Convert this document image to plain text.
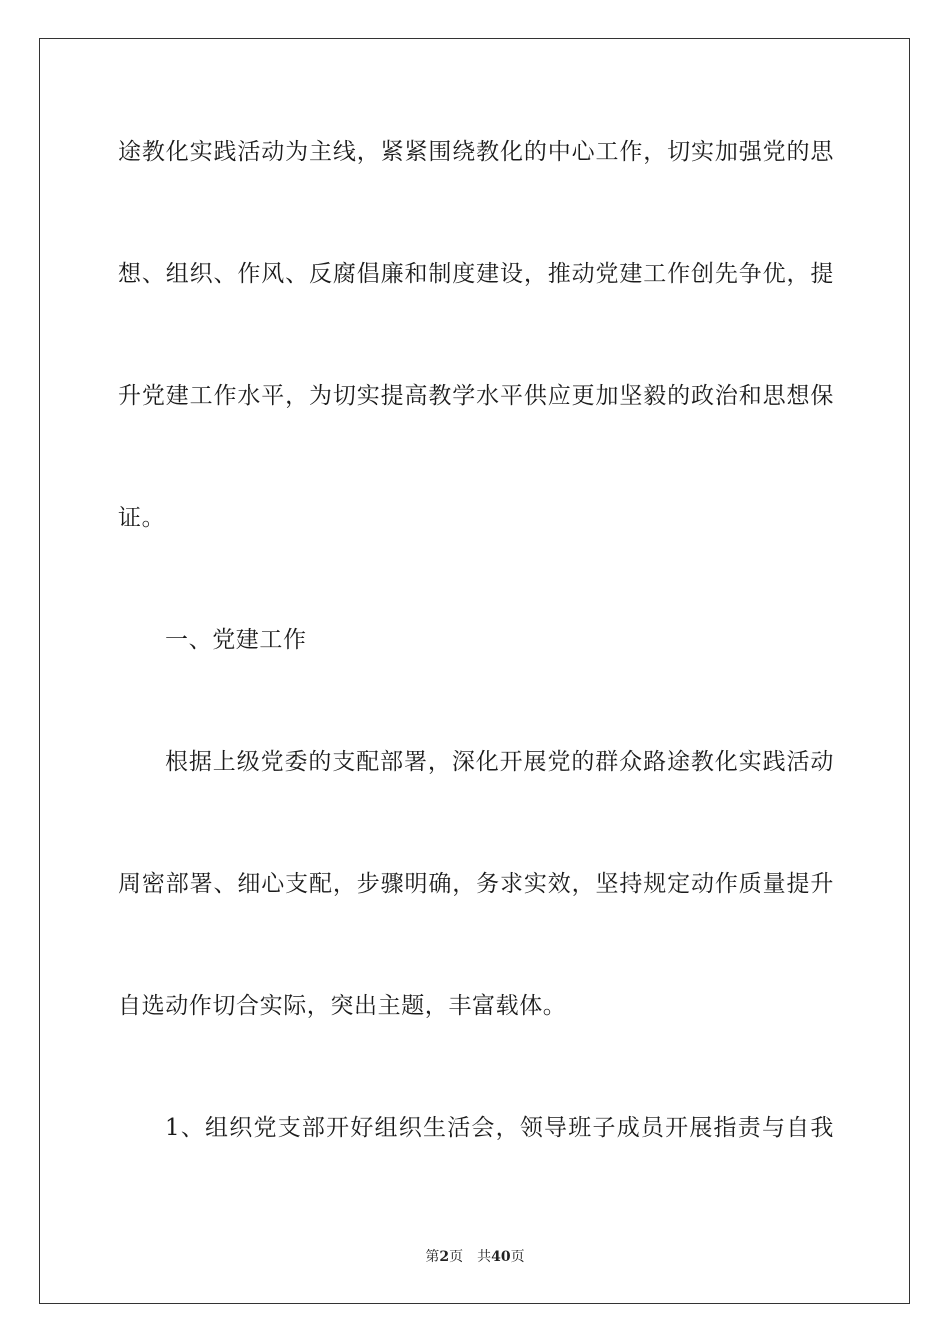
途教化实践活动为主线，紧紧围绕教化的中心工作，切实加强党的思
想、组织、作风、反腐倡廉和制度建设，推动党建工作创先争优，提
升党建工作水平，为切实提高教学水平供应更加坚毅的政治和思想保
证。
一、党建工作
根据上级党委的支配部署，深化开展党的群众路途教化实践活动
周密部署、细心支配，步骤明确，务求实效，坚持规定动作质量提升
自选动作切合实际，突出主题，丰富载体。
1、组织党支部开好组织生活会，领导班子成员开展指责与自我
第2页 共40页
